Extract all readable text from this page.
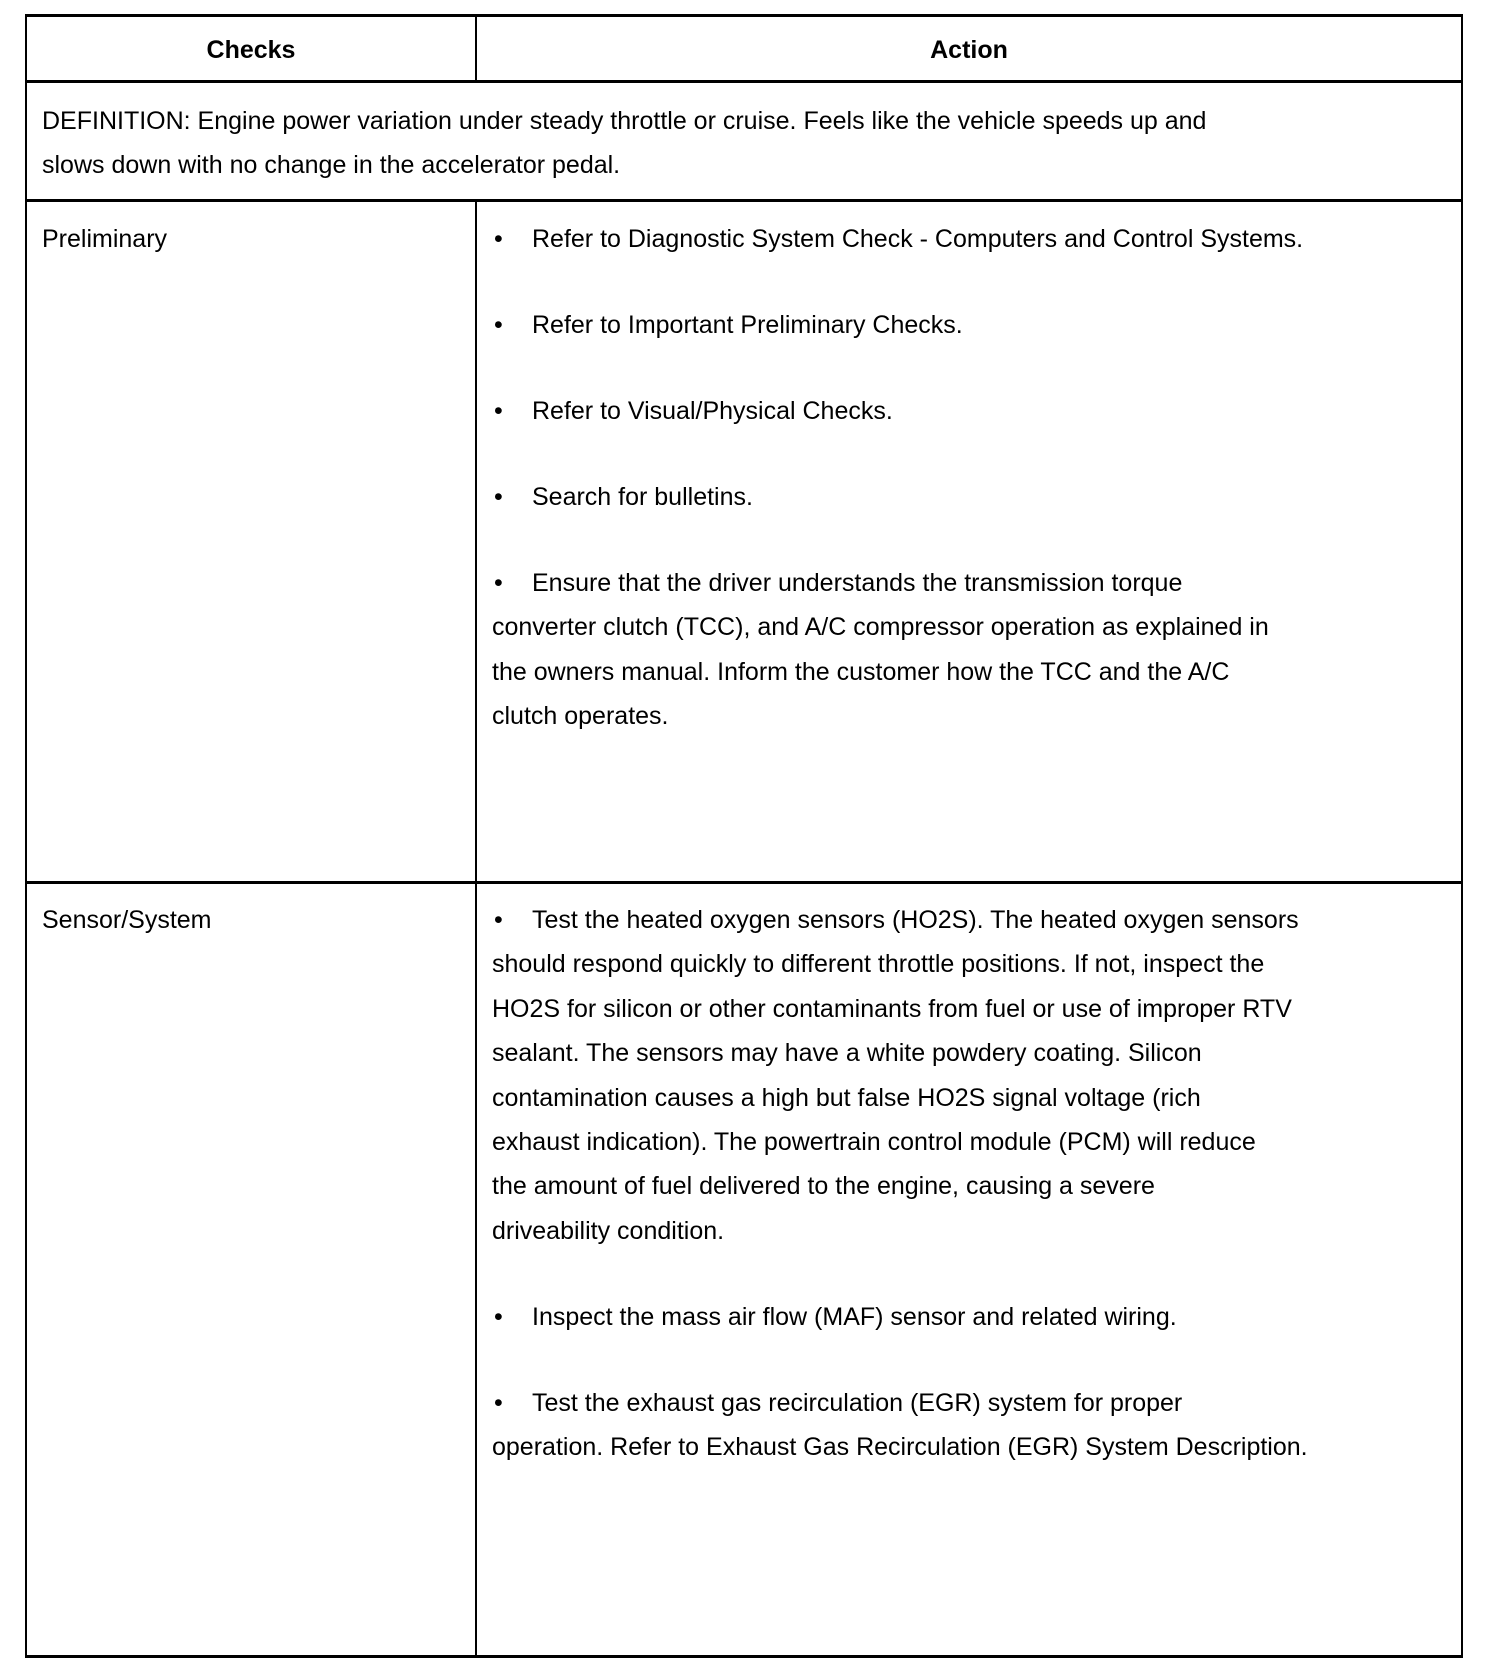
Checks	Action
DEFINITION: Engine power variation under steady throttle or cruise. Feels like the vehicle speeds up and
slows down with no change in the accelerator pedal.
Preliminary
Sensor/System
• Refer to Diagnostic System Check - Computers and Control Systems.
• Refer to Important Preliminary Checks.
• Refer to Visual/Physical Checks.
• Search for bulletins.
• Ensure that the driver understands the transmission torque
converter clutch (TCC), and A/C compressor operation as explained in
the owners manual. Inform the customer how the TCC and the A/C
clutch operates.
• Test the heated oxygen sensors (HO2S). The heated oxygen sensors
should respond quickly to different throttle positions. If not, inspect the
HO2S for silicon or other contaminants from fuel or use of improper RTV
sealant. The sensors may have a white powdery coating. Silicon
contamination causes a high but false HO2S signal voltage (rich
exhaust indication). The powertrain control module (PCM) will reduce
the amount of fuel delivered to the engine, causing a severe
driveability condition.
• Inspect the mass air flow (MAF) sensor and related wiring.
• Test the exhaust gas recirculation (EGR) system for proper
operation. Refer to Exhaust Gas Recirculation (EGR) System Description.
